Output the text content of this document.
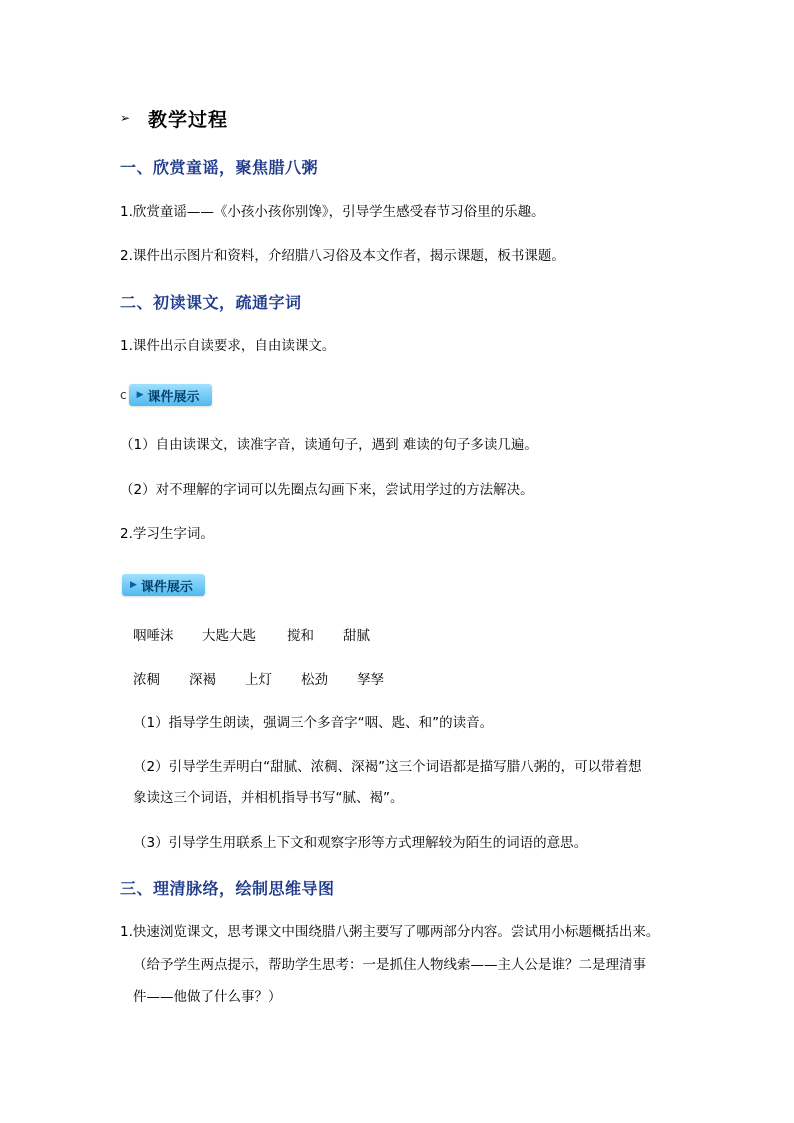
➢ 教学过程
一、欣赏童谣，聚焦腊八粥
1.欣赏童谣——《小孩小孩你别馋》，引导学生感受春节习俗里的乐趣。
2.课件出示图片和资料，介绍腊八习俗及本文作者，揭示课题，板书课题。
二、初读课文，疏通字词
1.课件出示自读要求，自由读课文。
c ▶ 课件展示
（1）自由读课文，读准字音，读通句子，遇到 难读的句子多读几遍。
（2）对不理解的字词可以先圈点勾画下来，尝试用学过的方法解决。
2.学习生字词。
▶ 课件展示
咽唾沫 大匙大匙 搅和 甜腻
浓稠 深褐 上灯 松劲 孥孥
（1）指导学生朗读，强调三个多音字“咽、匙、和”的读音。
（2）引导学生弄明白“甜腻、浓稠、深褐”这三个词语都是描写腊八粥的，可以带着想
象读这三个词语，并相机指导书写“腻、褐”。
（3）引导学生用联系上下文和观察字形等方式理解较为陌生的词语的意思。
三、理清脉络，绘制思维导图
1.快速浏览课文，思考课文中围绕腊八粥主要写了哪两部分内容。尝试用小标题概括出来。
（给予学生两点提示，帮助学生思考：一是抓住人物线索——主人公是谁？二是理清事
件——他做了什么事？）
